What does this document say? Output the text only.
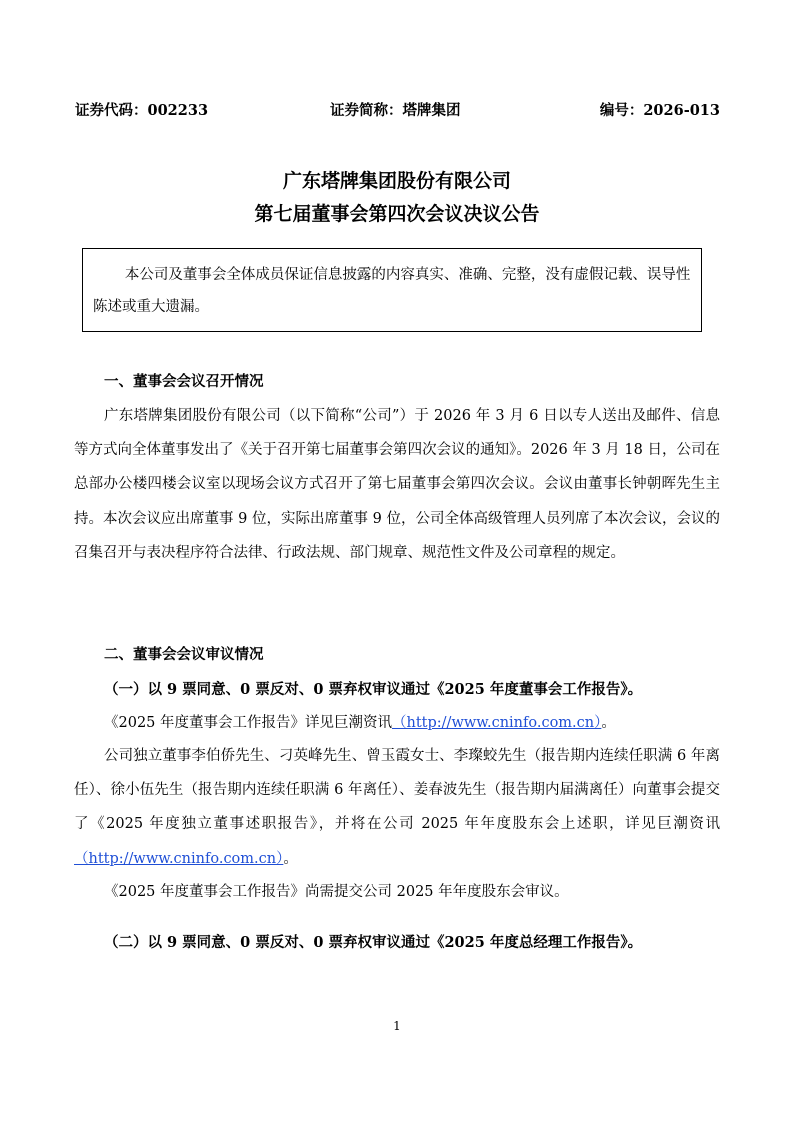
证券代码：002233	证券简称：塔牌集团	编号：2026-013
广东塔牌集团股份有限公司
第七届董事会第四次会议决议公告

本公司及董事会全体成员保证信息披露的内容真实、准确、完整，没有虚假记载、误导性陈述或重大遗漏。

一、董事会会议召开情况

广东塔牌集团股份有限公司（以下简称“公司”）于 2026 年 3 月 6 日以专人送出及邮件、信息等方式向全体董事发出了《关于召开第七届董事会第四次会议的通知》。2026 年 3 月 18 日，公司在总部办公楼四楼会议室以现场会议方式召开了第七届董事会第四次会议。会议由董事长钟朝晖先生主持。本次会议应出席董事 9 位，实际出席董事 9 位，公司全体高级管理人员列席了本次会议，会议的召集召开与表决程序符合法律、行政法规、部门规章、规范性文件及公司章程的规定。

二、董事会会议审议情况
（一）以 9 票同意、0 票反对、0 票弃权审议通过《2025 年度董事会工作报告》。
《2025 年度董事会工作报告》详见巨潮资讯（http://www.cninfo.com.cn）。

公司独立董事李伯侨先生、刁英峰先生、曾玉霞女士、李璨蛟先生（报告期内连续任职满 6 年离任）、徐小伍先生（报告期内连续任职满 6 年离任）、姜春波先生（报告期内届满离任）向董事会提交了《2025 年度独立董事述职报告》，并将在公司 2025 年年度股东会上述职，详见巨潮资讯（http://www.cninfo.com.cn）。

《2025 年度董事会工作报告》尚需提交公司 2025 年年度股东会审议。
（二）以 9 票同意、0 票反对、0 票弃权审议通过《2025 年度总经理工作报告》。
1
